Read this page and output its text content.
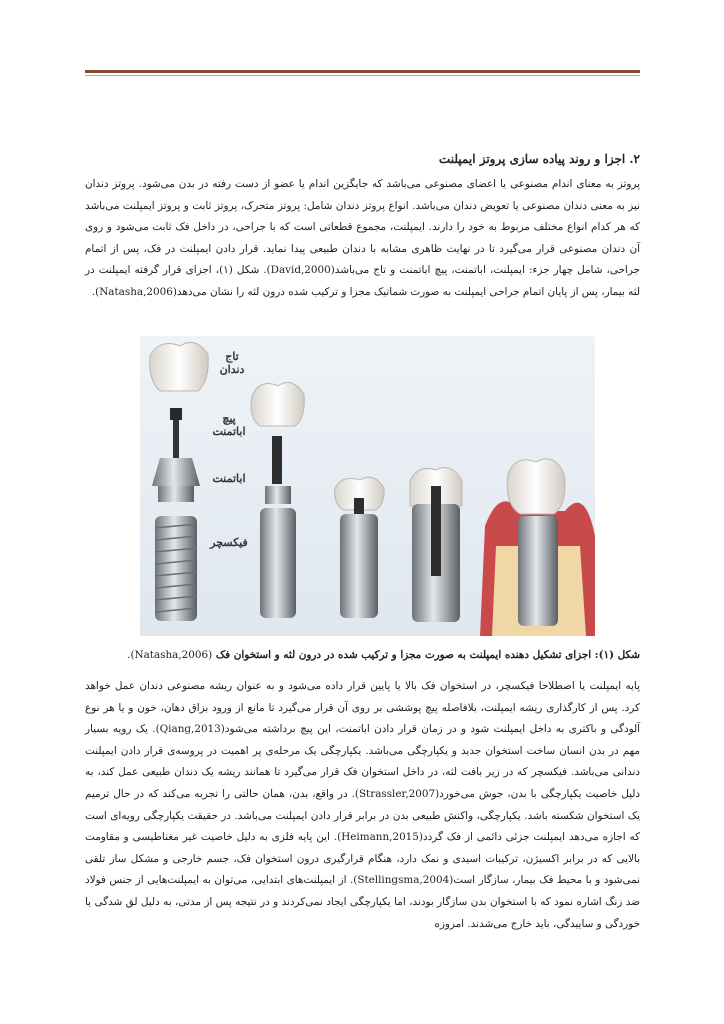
۲. اجزا و روند پیاده سازی پروتز ایمپلنت

پروتز به معنای اندام مصنوعی یا اعضای مصنوعی می‌باشد که جایگزین اندام یا عضو از دست رفته در بدن می‌شود. پروتز دندان نیز به معنی دندان مصنوعی یا تعویض دندان می‌باشد. انواع پروتز دندان شامل: پروتز متحرک، پروتز ثابت و پروتز ایمپلنت می‌باشد که هر کدام انواع مختلف مربوط به خود را دارند. ایمپلنت، مجموع قطعاتی است که با جراحی، در داخل فک ثابت می‌شود و روی آن دندان مصنوعی قرار می‌گیرد تا در نهایت ظاهری مشابه با دندان طبیعی پیدا نماید. قرار دادن ایمپلنت در فک، پس از اتمام جراحی، شامل چهار جزء: ایمپلنت، اباتمنت، پیچ اباتمنت و تاج می‌باشد(David,2000). شکل (۱)، اجزای قرار گرفته ایمپلنت در لثه بیمار، پس از پایان اتمام جراحی ایمپلنت به صورت شماتیک مجزا و ترکیب شده درون لثه را نشان می‌دهد(Natasha,2006).

تاج دندان
پیچ اباتمنت
اباتمنت
فیکسچر
شکل (۱): اجزای تشکیل دهنده ایمپلنت به صورت مجزا و ترکیب شده در درون لثه و استخوان فک (Natasha,2006).

پایه ایمپلنت یا اصطلاحا فیکسچر، در استخوان فک بالا یا پایین قرار داده می‌شود و به عنوان ریشه مصنوعی دندان عمل خواهد کرد. پس از کارگذاری ریشه ایمپلنت، بلافاصله پیچ پوششی بر روی آن قرار می‌گیرد تا مانع از ورود بزاق دهان، خون و یا هر نوع آلودگی و باکتری به داخل ایمپلنت شود و در زمان قرار دادن اباتمنت، این پیچ برداشته می‌شود(Qiang,2013). یک رویه بسیار مهم در بدن انسان ساخت استخوان جدید و یکپارچگی می‌باشد. یکپارچگی یک مرحله‌ی پر اهمیت در پروسه‌ی قرار دادن ایمپلنت دندانی می‌باشد. فیکسچر که در زیر بافت لثه، در داخل استخوان فک قرار می‌گیرد تا همانند ریشه یک دندان طبیعی عمل کند، به دلیل خاصیت یکپارچگی با بدن، جوش می‌خورد(Strassler,2007). در واقع، بدن، همان حالتی را تجربه می‌کند که در حال ترمیم یک استخوان شکسته باشد. یکپارچگی، واکنش طبیعی بدن در برابر قرار دادن ایمپلنت می‌باشد. در حقیقت یکپارچگی رویه‌ای است که اجازه می‌دهد ایمپلنت جزئی دائمی از فک گردد(Heimann,2015). این پایه فلزی به دلیل خاصیت غیر مغناطیسی و مقاومت بالایی که در برابر اکسیژن، ترکیبات اسیدی و نمک دارد، هنگام قرارگیری درون استخوان فک، جسم خارجی و مشکل ساز تلقی نمی‌شود و با محیط فک بیمار، سازگار است(Stellingsma,2004). از ایمپلنت‌های ابتدایی، می‌توان به ایمپلنت‌هایی از جنس فولاد ضد زنگ اشاره نمود که با استخوان بدن سازگار بودند، اما یکپارچگی ایجاد نمی‌کردند و در نتیجه پس از مدتی، به دلیل لق شدگی یا خوردگی و ساییدگی، باید خارج می‌شدند. امروزه
